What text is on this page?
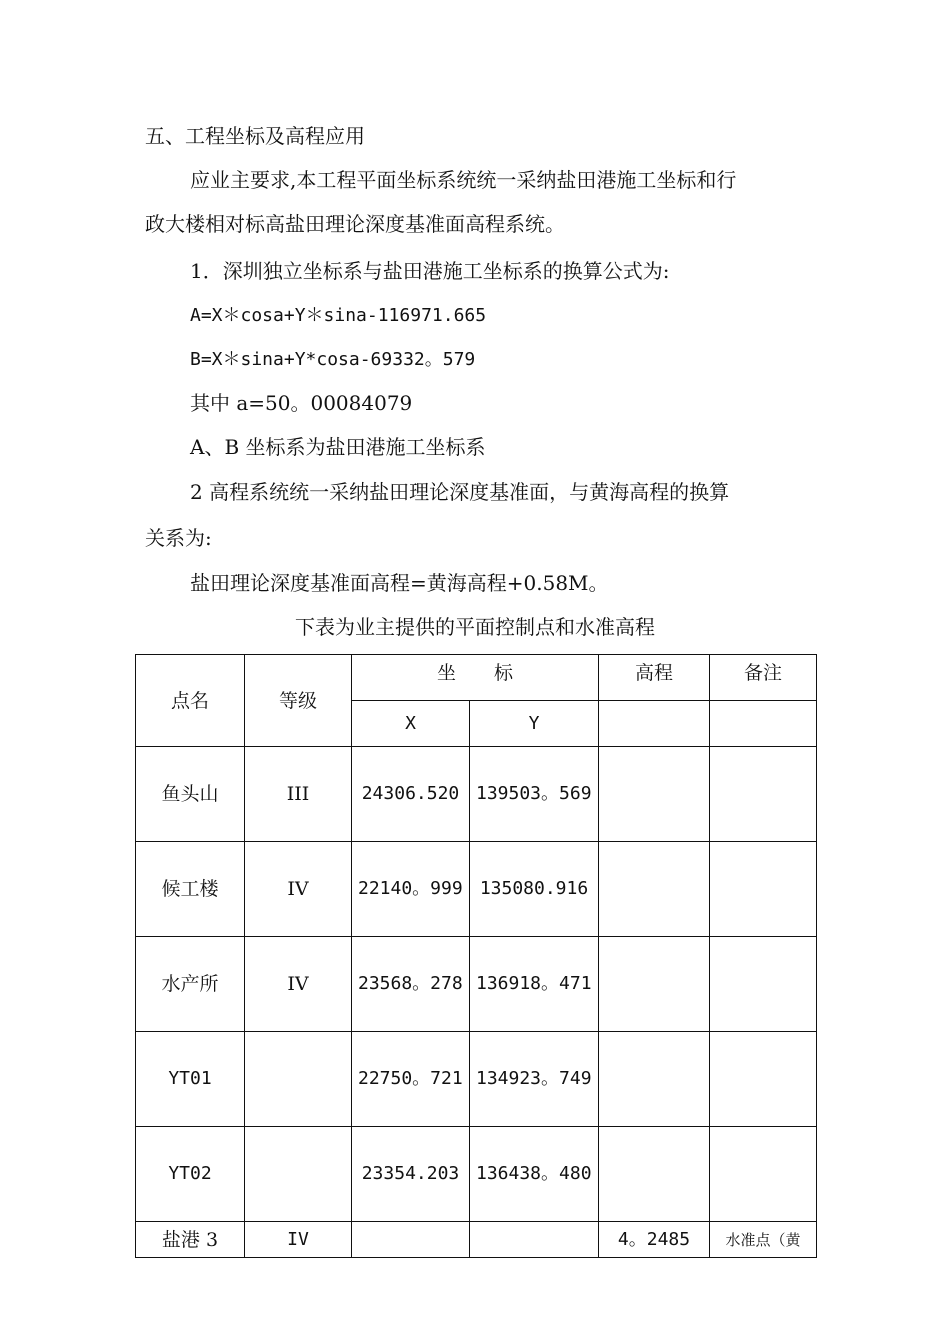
五、工程坐标及高程应用
应业主要求,本工程平面坐标系统统一采纳盐田港施工坐标和行
政大楼相对标高盐田理论深度基准面高程系统。
1．深圳独立坐标系与盐田港施工坐标系的换算公式为:
A=X＊cosa+Y＊sina-116971.665
B=X＊sina+Y*cosa-69332。579
其中 a=50。00084079
A、B 坐标系为盐田港施工坐标系
2 高程系统统一采纳盐田理论深度基准面，与黄海高程的换算
关系为:
盐田理论深度基准面高程=黄海高程+0.58M。
下表为业主提供的平面控制点和水准高程
点名	等级	坐　　标		高程	备注
		X	Y		
鱼头山	III	24306.520	139503。569		
候工楼	IV	22140。999	135080.916		
水产所	IV	23568。278	136918。471		
YT01		22750。721	134923。749		
YT02		23354.203	136438。480		
盐港 3	IV			4。2485	水准点（黄
